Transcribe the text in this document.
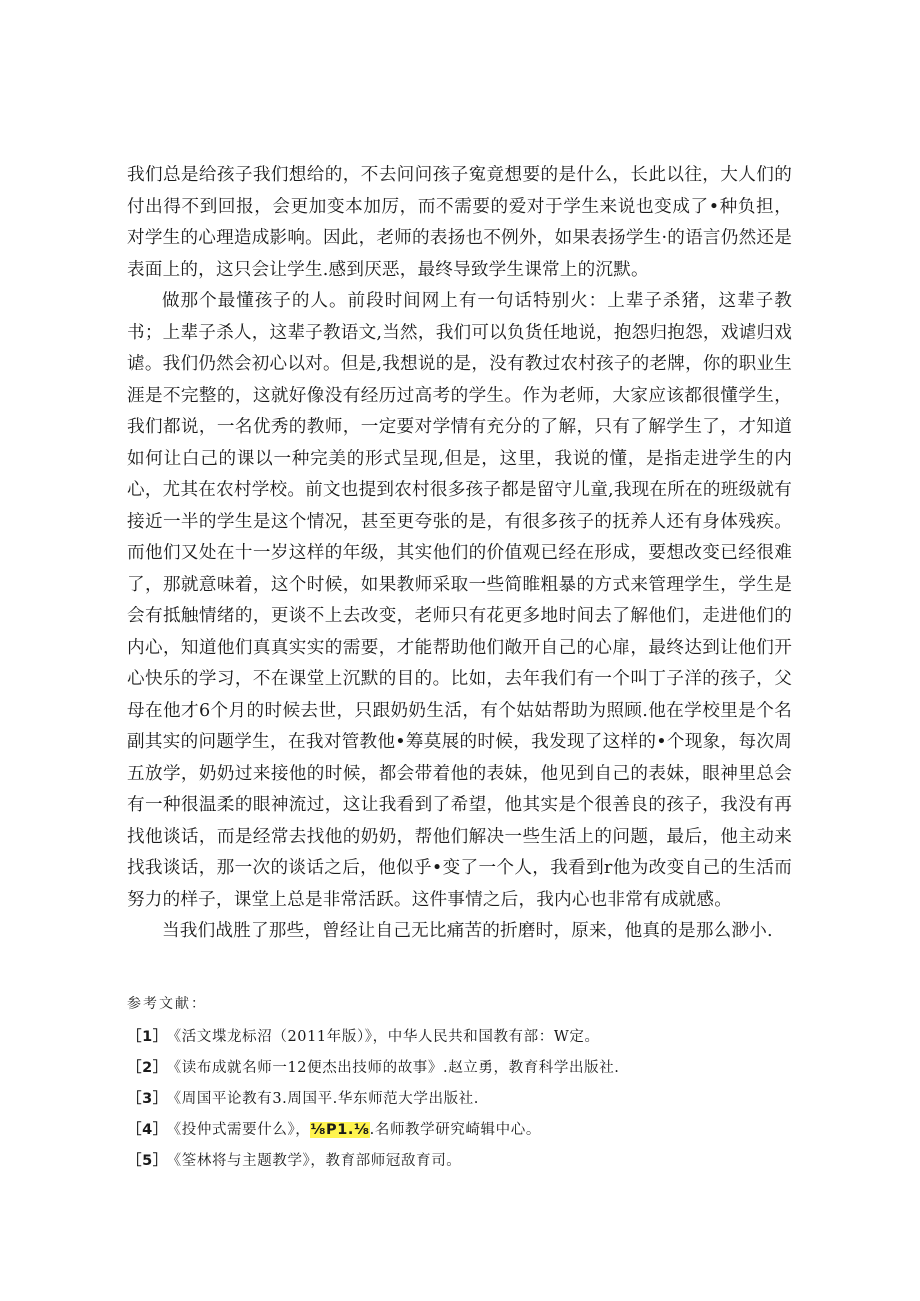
我们总是给孩子我们想给的，不去问问孩子寃竟想要的是什么，长此以往，大人们的付出得不到回报，会更加变本加厉，而不需要的爱对于学生来说也变成了•种负担，对学生的心理造成影响。因此，老师的表扬也不例外，如果表扬学生·的语言仍然还是表面上的，这只会让学生.感到厌恶，最终导致学生课常上的沉默。

做那个最懂孩子的人。前段时间网上有一句话特别火：上辈子杀猪，这辈子教书；上辈子杀人，这辈子教语文,当然，我们可以负货任地说，抱怨归抱怨，戏谑归戏谑。我们仍然会初心以对。但是,我想说的是，没有教过农村孩子的老牌，你的职业生涯是不完整的，这就好像没有经历过高考的学生。作为老师，大家应该都很懂学生，我们都说，一名优秀的教师，一定要对学情有充分的了解，只有了解学生了，才知道如何让白己的课以一种完美的形式呈现,但是，这里，我说的懂，是指走进学生的内心，尤其在农村学校。前文也提到农村很多孩子都是留守儿童,我现在所在的班级就有接近一半的学生是这个情况，甚至更夸张的是，有很多孩子的抚养人还有身体残疾。而他们又处在十一岁这样的年级，其实他们的价值观已经在形成，要想改变已经很难了，那就意味着，这个时候，如果教师采取一些简睢粗暴的方式来管理学生，学生是会有抵触情绪的，更谈不上去改变，老师只有花更多地时间去了解他们，走进他们的内心，知道他们真真实实的需要，才能帮助他们敞开自己的心扉，最终达到让他们开心快乐的学习，不在课堂上沉默的目的。比如，去年我们有一个叫丁子洋的孩子，父母在他才6个月的时候去世，只跟奶奶生活，有个姑姑帮助为照顾.他在学校里是个名副其实的问题学生，在我对管教他•筹莫展的时候，我发现了这样的•个现象，每次周五放学，奶奶过来接他的时候，都会带着他的表妹，他见到自己的表妹，眼神里总会有一种很温柔的眼神流过，这让我看到了希望，他其实是个很善良的孩子，我没有再找他谈话，而是经常去找他的奶奶，帮他们解决一些生活上的问题，最后，他主动来找我谈话，那一次的谈话之后，他似乎•变了一个人，我看到r他为改变自己的生活而努力的样子，课堂上总是非常活跃。这件事情之后，我内心也非常有成就感。

当我们战胜了那些，曾经让自己无比痛苦的折磨时，原来，他真的是那么渺小.

参考文献：

［1］ 《活文堞龙标沼（2011年版）》，中华人民共和国教有部：W定。

［2］ 《读布成就名师一12便杰出技师的故事》.赵立勇，教育科学出版社.

［3］ 《周国平论教有3.周国平.华东师范大学出版社.

［4］ 《投仲式需要什么》，⅛P1.⅛.名师教学研究崎辑中心。

［5］ 《筌林将与主题教学》，教育部师冠敌育司。
